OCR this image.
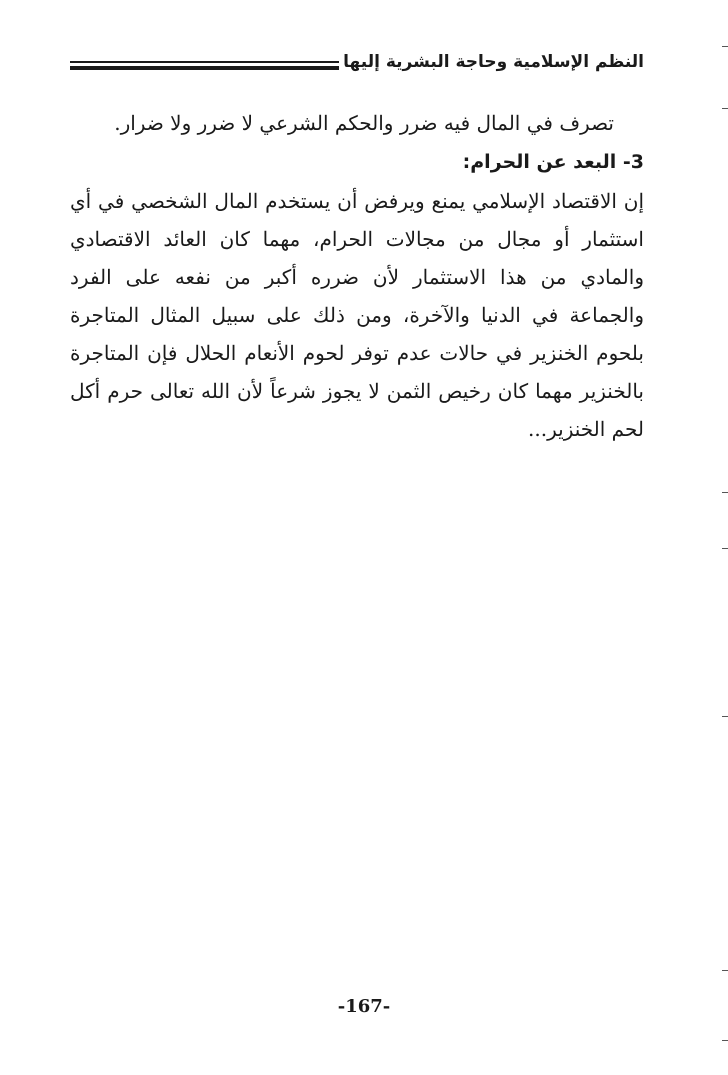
النظم الإسلامية وحاجة البشرية إليها

تصرف في المال فيه ضرر والحكم الشرعي لا ضرر ولا ضرار.

3- البعد عن الحرام:

إن الاقتصاد الإسلامي يمنع ويرفض أن يستخدم المال الشخصي في أي استثمار أو مجال من مجالات الحرام، مهما كان العائد الاقتصادي والمادي من هذا الاستثمار لأن ضرره أكبر من نفعه على الفرد والجماعة في الدنيا والآخرة، ومن ذلك على سبيل المثال المتاجرة بلحوم الخنزير في حالات عدم توفر لحوم الأنعام الحلال فإن المتاجرة بالخنزير مهما كان رخيص الثمن لا يجوز شرعاً لأن الله تعالى حرم أكل لحم الخنزير...

-167-
